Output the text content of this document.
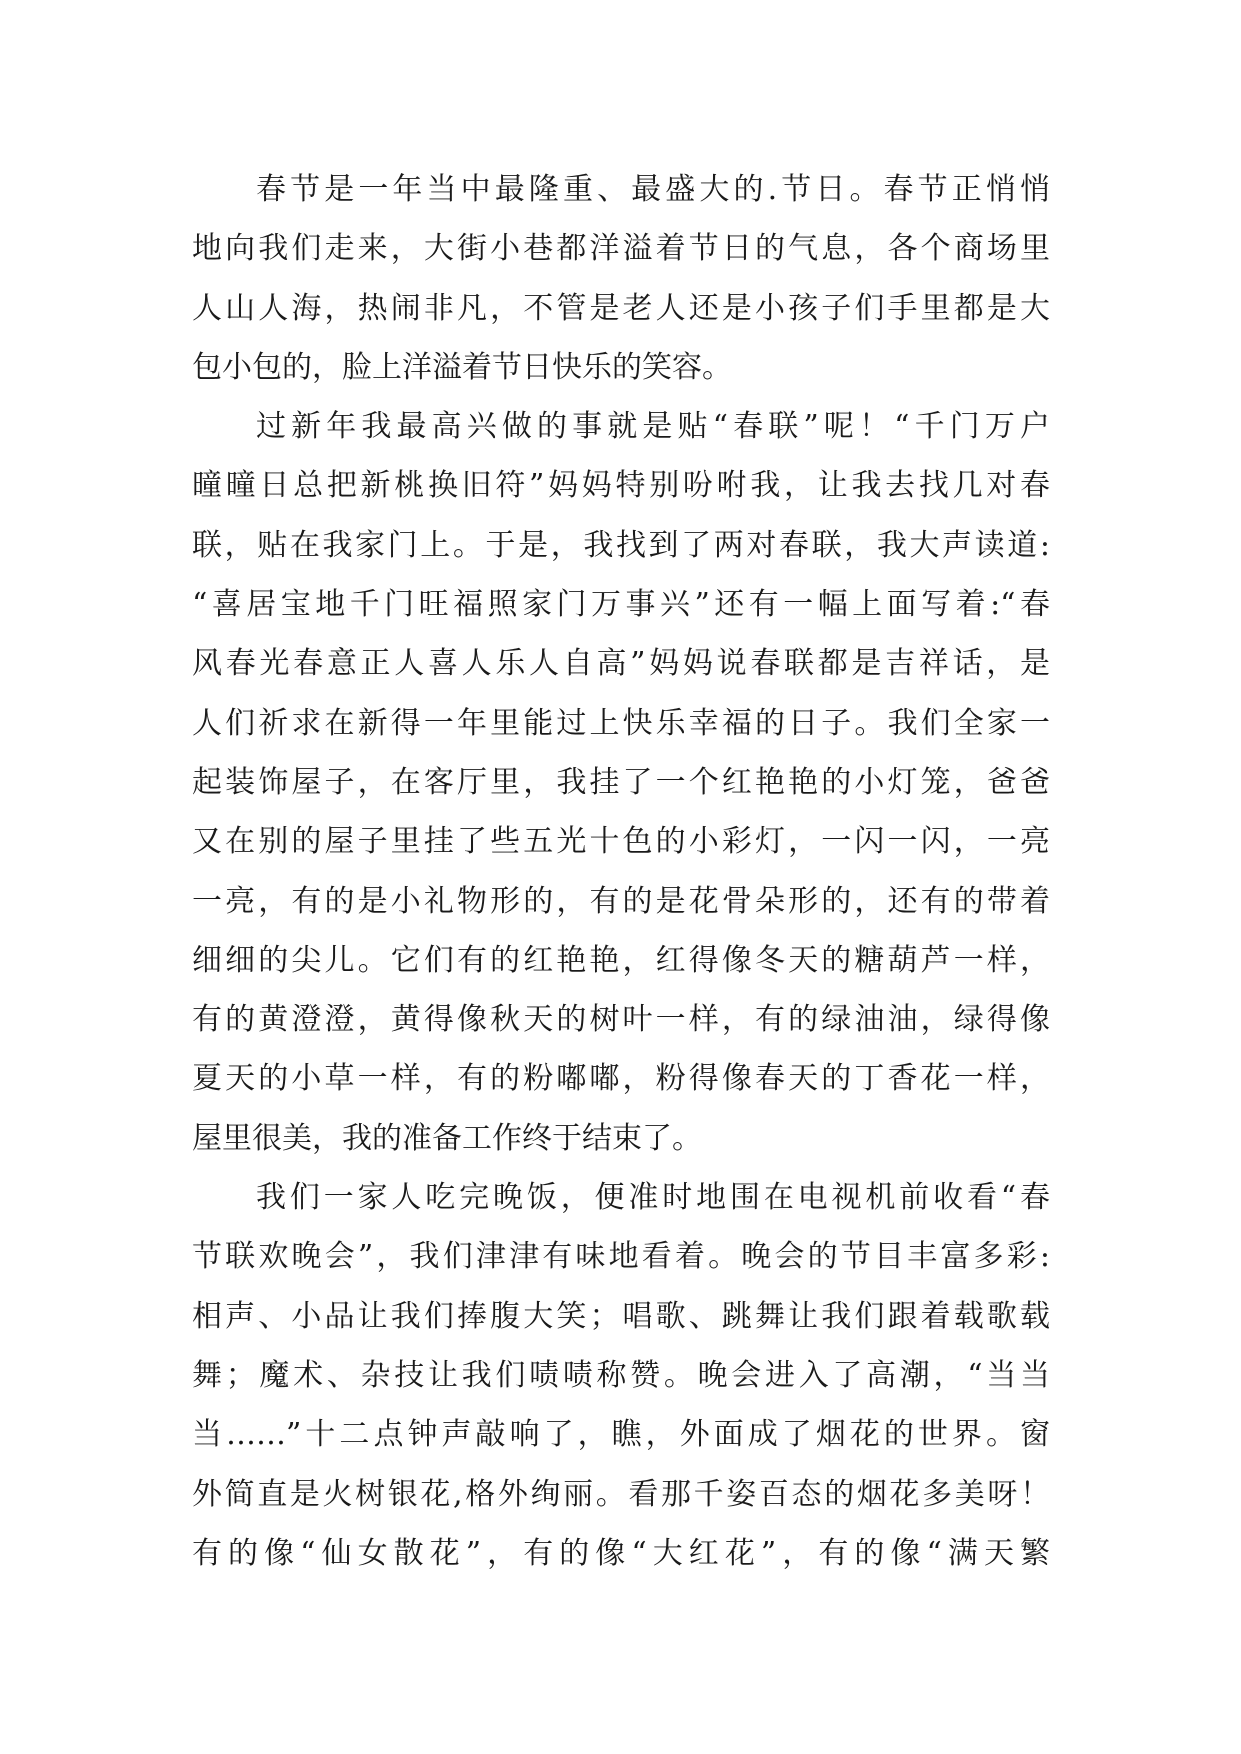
春节是一年当中最隆重、最盛大的.节日。春节正悄悄
地向我们走来，大街小巷都洋溢着节日的气息，各个商场里
人山人海，热闹非凡，不管是老人还是小孩子们手里都是大
包小包的，脸上洋溢着节日快乐的笑容。
过新年我最高兴做的事就是贴“春联”呢！“千门万户
曈曈日总把新桃换旧符”妈妈特别吩咐我，让我去找几对春
联，贴在我家门上。于是，我找到了两对春联，我大声读道:
“喜居宝地千门旺福照家门万事兴”还有一幅上面写着:“春
风春光春意正人喜人乐人自高”妈妈说春联都是吉祥话，是
人们祈求在新得一年里能过上快乐幸福的日子。我们全家一
起装饰屋子，在客厅里，我挂了一个红艳艳的小灯笼，爸爸
又在别的屋子里挂了些五光十色的小彩灯，一闪一闪，一亮
一亮，有的是小礼物形的，有的是花骨朵形的，还有的带着
细细的尖儿。它们有的红艳艳，红得像冬天的糖葫芦一样，
有的黄澄澄，黄得像秋天的树叶一样，有的绿油油，绿得像
夏天的小草一样，有的粉嘟嘟，粉得像春天的丁香花一样，
屋里很美，我的准备工作终于结束了。
我们一家人吃完晚饭，便准时地围在电视机前收看“春
节联欢晚会”，我们津津有味地看着。晚会的节目丰富多彩:
相声、小品让我们捧腹大笑；唱歌、跳舞让我们跟着载歌载
舞；魔术、杂技让我们啧啧称赞。晚会进入了高潮，“当当
当……”十二点钟声敲响了，瞧，外面成了烟花的世界。窗
外简直是火树银花,格外绚丽。看那千姿百态的烟花多美呀！
有的像“仙女散花”，有的像“大红花”，有的像“满天繁
